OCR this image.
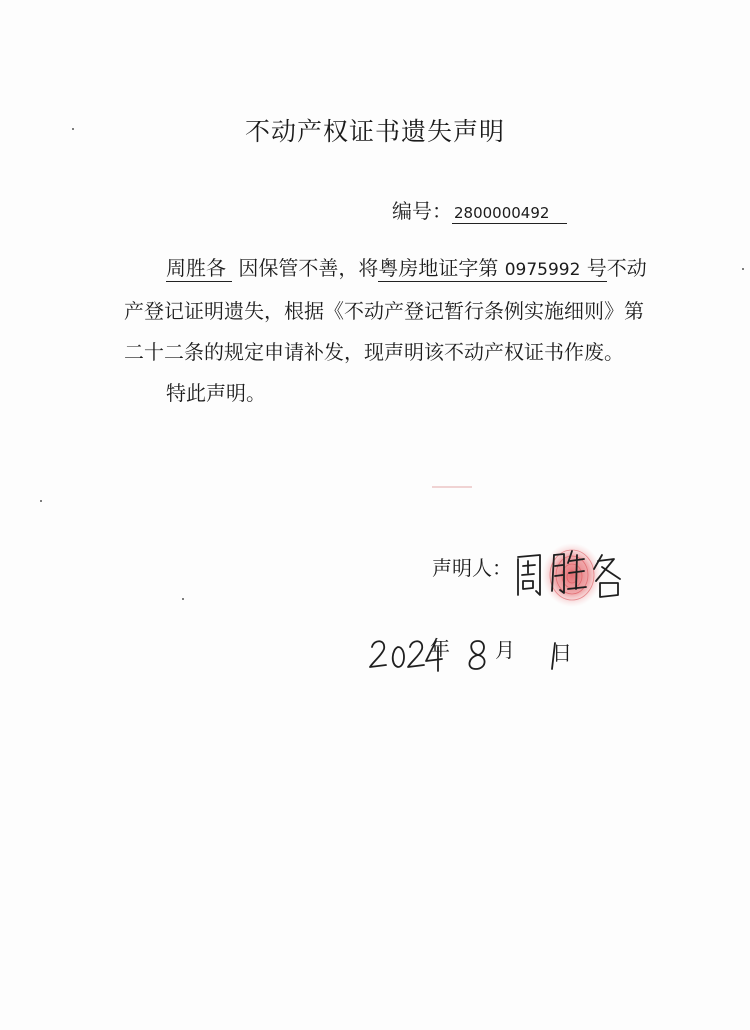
不动产权证书遗失声明
编号： 2800000492

周胜各 因保管不善，将粤房地证字第 0975992 号不动产登记证明遗失，根据《不动产登记暂行条例实施细则》第二十二条的规定申请补发，现声明该不动产权证书作废。

特此声明。

声明人：
年 月 日
